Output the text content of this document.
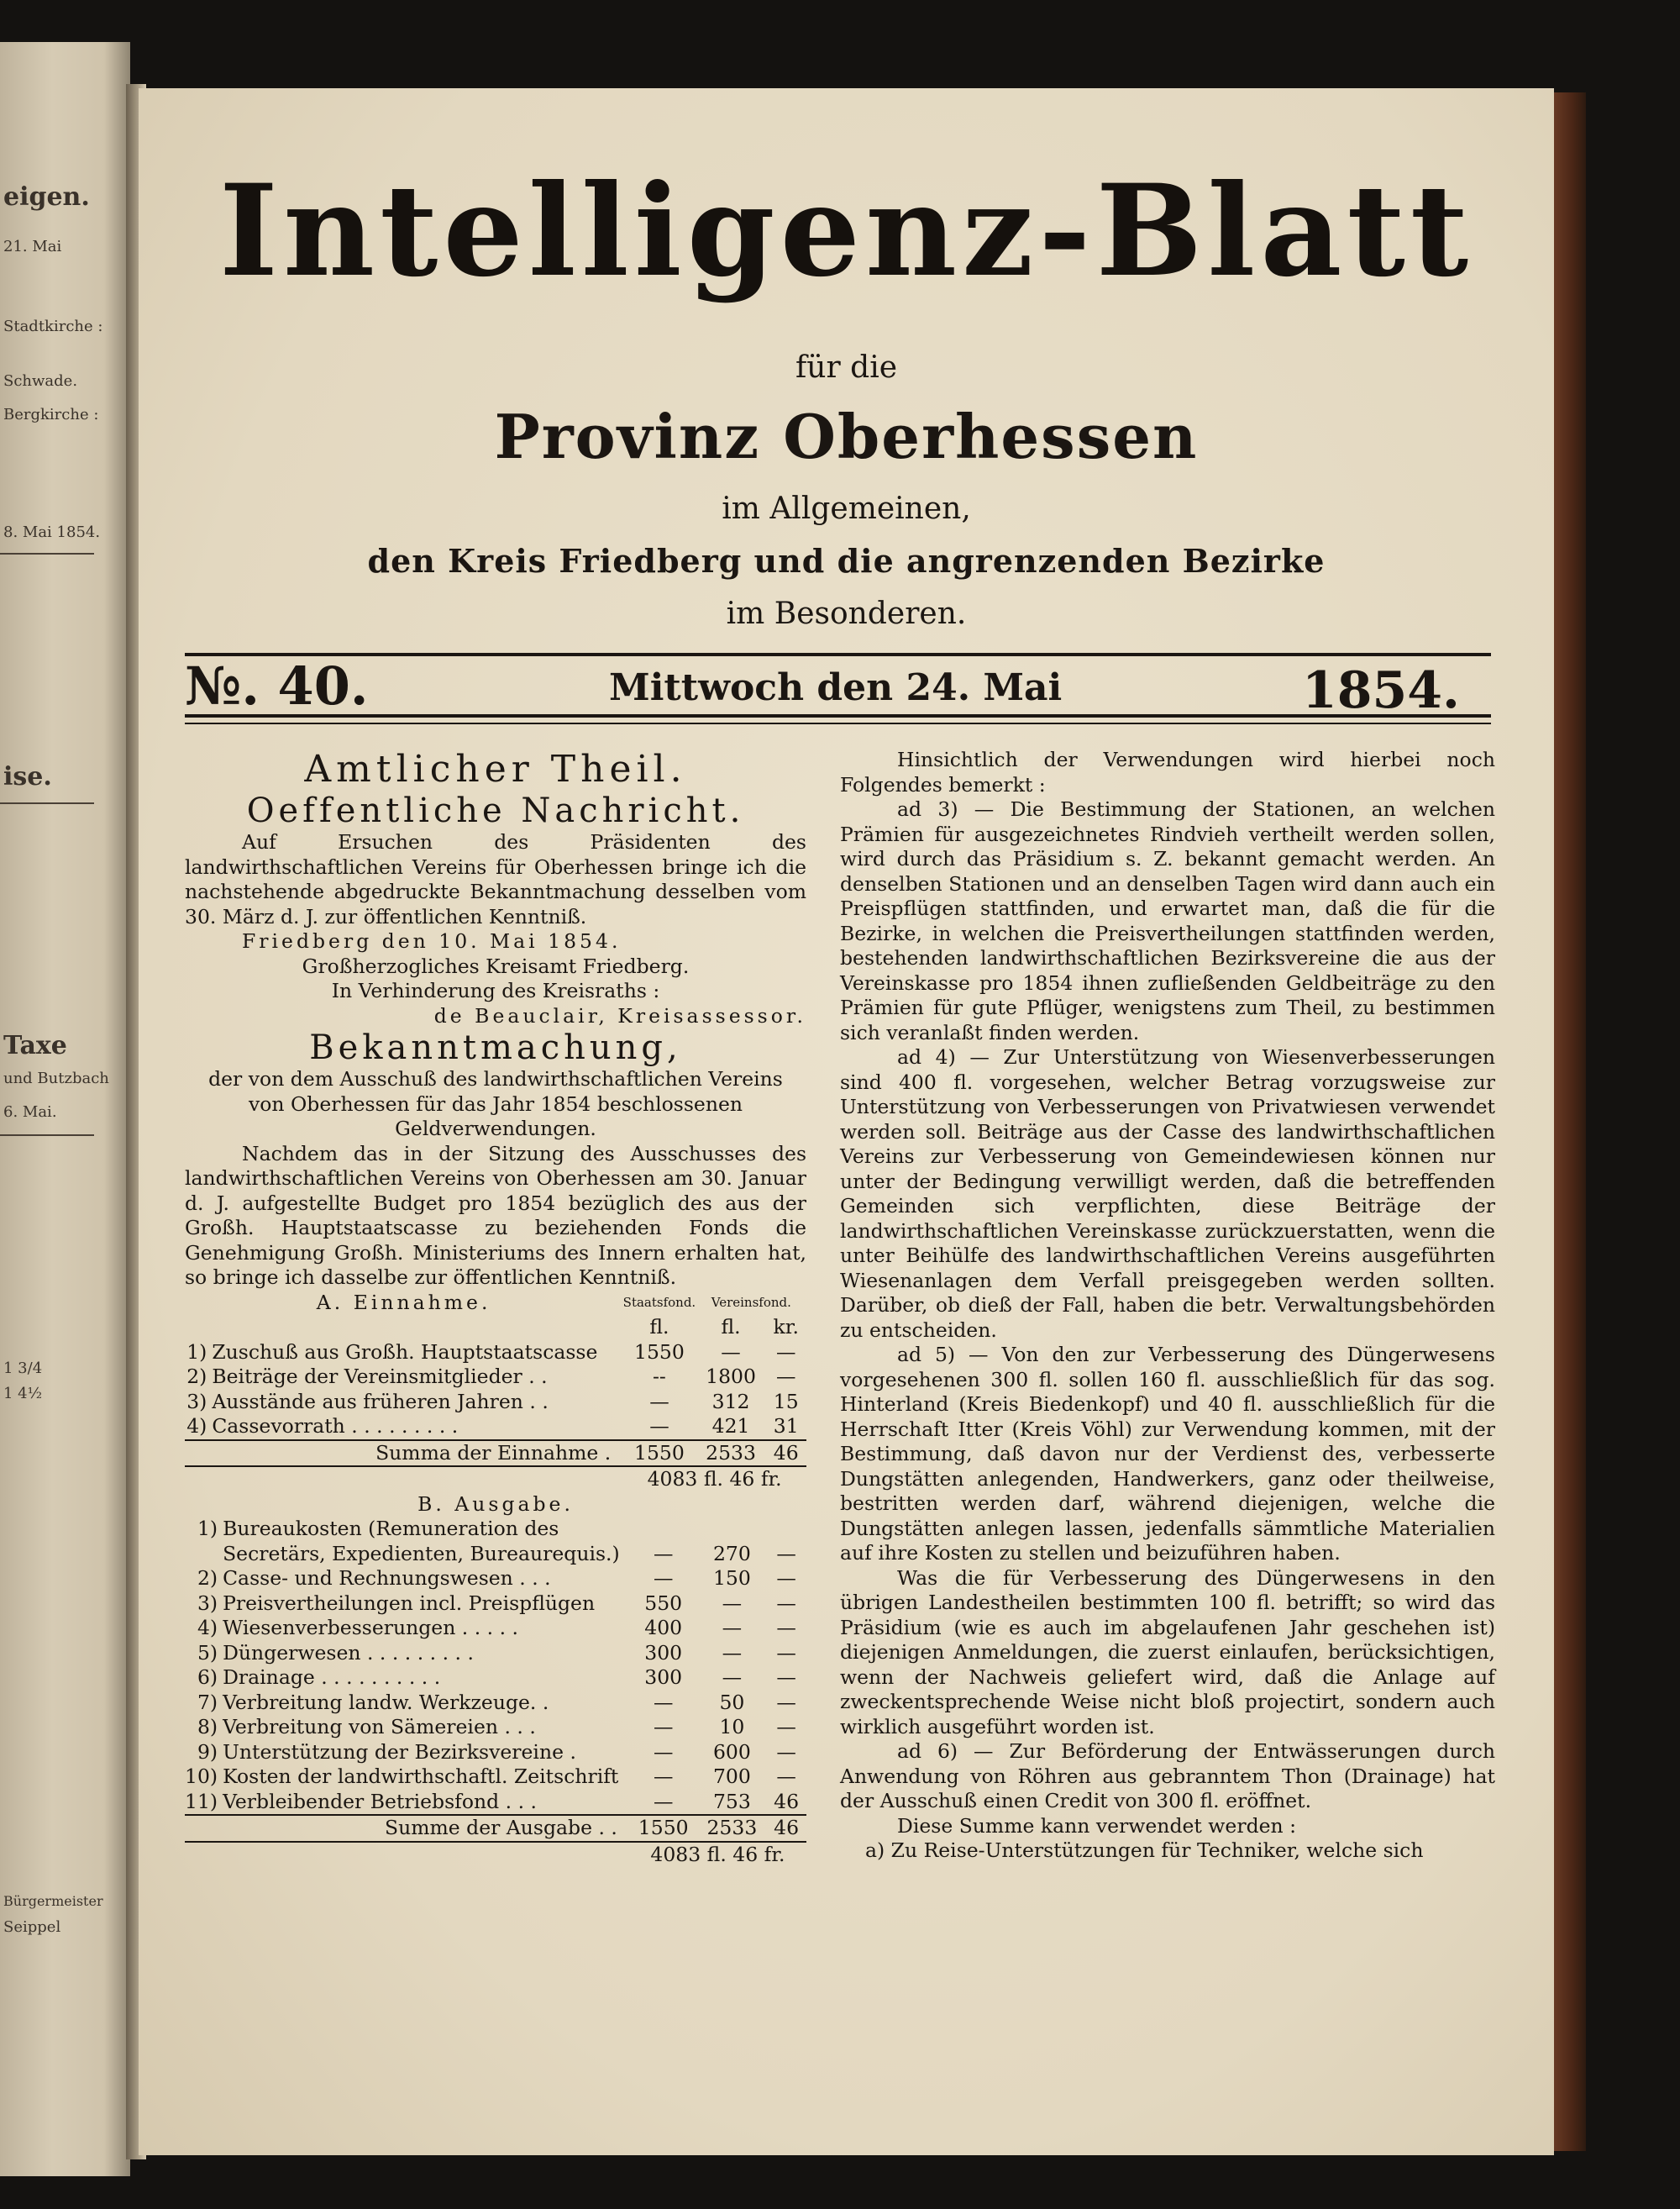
eigen.
21. Mai
Stadtkirche :
Schwade.
Bergkirche :
8. Mai 1854.
ise.
Taxe
und Butzbach
6. Mai.
1 4½
1 3/4
Bürgermeister
Seippel
Intelligenz-Blatt
für die
Provinz Oberhessen
im Allgemeinen,
den Kreis Friedberg und die angrenzenden Bezirke
im Besonderen.
№. 40.	Mittwoch den 24. Mai	1854.

Amtlicher Theil.

Oeffentliche Nachricht.

Auf Ersuchen des Präsidenten des landwirthschaftlichen Vereins für Oberhessen bringe ich die nachstehende abgedruckte Bekanntmachung desselben vom 30. März d. J. zur öffentlichen Kenntniß.

Friedberg den 10. Mai 1854.

Großherzogliches Kreisamt Friedberg.

In Verhinderung des Kreisraths :

de Beauclair, Kreisassessor.

Bekanntmachung,

der von dem Ausschuß des landwirthschaftlichen Vereins von Oberhessen für das Jahr 1854 beschlossenen Geldverwendungen.

Nachdem das in der Sitzung des Ausschusses des landwirthschaftlichen Vereins von Oberhessen am 30. Januar d. J. aufgestellte Budget pro 1854 bezüglich des aus der Großh. Hauptstaatscasse zu beziehenden Fonds die Genehmigung Großh. Ministeriums des Innern erhalten hat, so bringe ich dasselbe zur öffentlichen Kenntniß.

A. Einnahme.		Staatsfond.	Vereinsfond.	
		fl.	fl.	kr.
1)	Zuschuß aus Großh. Hauptstaatscasse	1550	—	—
2)	Beiträge der Vereinsmitglieder . .	--	1800	—
3)	Ausstände aus früheren Jahren . .	—	312	15
4)	Cassevorrath . . . . . . . . .	—	421	31
	Summa der Einnahme .	1550	2533	46
		4083 fl. 46 fr.		
B. Ausgabe.				
1)	Bureaukosten (Remuneration des Secretärs, Expedienten, Bureaurequis.)	—	270	—
2)	Casse- und Rechnungswesen . . .	—	150	—
3)	Preisvertheilungen incl. Preispflügen	550	—	—
4)	Wiesenverbesserungen . . . . .	400	—	—
5)	Düngerwesen . . . . . . . . .	300	—	—
6)	Drainage . . . . . . . . . .	300	—	—
7)	Verbreitung landw. Werkzeuge. .	—	50	—
8)	Verbreitung von Sämereien . . .	—	10	—
9)	Unterstützung der Bezirksvereine .	—	600	—
10)	Kosten der landwirthschaftl. Zeitschrift	—	700	—
11)	Verbleibender Betriebsfond . . .	—	753	46
	Summe der Ausgabe . .	1550	2533	46
		4083 fl. 46 fr.		

Hinsichtlich der Verwendungen wird hierbei noch Folgendes bemerkt :

ad 3) — Die Bestimmung der Stationen, an welchen Prämien für ausgezeichnetes Rindvieh vertheilt werden sollen, wird durch das Präsidium s. Z. bekannt gemacht werden. An denselben Stationen und an denselben Tagen wird dann auch ein Preispflügen stattfinden, und erwartet man, daß die für die Bezirke, in welchen die Preisvertheilungen stattfinden werden, bestehenden landwirthschaftlichen Bezirksvereine die aus der Vereinskasse pro 1854 ihnen zufließenden Geldbeiträge zu den Prämien für gute Pflüger, wenigstens zum Theil, zu bestimmen sich veranlaßt finden werden.

ad 4) — Zur Unterstützung von Wiesenverbesserungen sind 400 fl. vorgesehen, welcher Betrag vorzugsweise zur Unterstützung von Verbesserungen von Privatwiesen verwendet werden soll. Beiträge aus der Casse des landwirthschaftlichen Vereins zur Verbesserung von Gemeindewiesen können nur unter der Bedingung verwilligt werden, daß die betreffenden Gemeinden sich verpflichten, diese Beiträge der landwirthschaftlichen Vereinskasse zurückzuerstatten, wenn die unter Beihülfe des landwirthschaftlichen Vereins ausgeführten Wiesenanlagen dem Verfall preisgegeben werden sollten. Darüber, ob dieß der Fall, haben die betr. Verwaltungsbehörden zu entscheiden.

ad 5) — Von den zur Verbesserung des Düngerwesens vorgesehenen 300 fl. sollen 160 fl. ausschließlich für das sog. Hinterland (Kreis Biedenkopf) und 40 fl. ausschließlich für die Herrschaft Itter (Kreis Vöhl) zur Verwendung kommen, mit der Bestimmung, daß davon nur der Verdienst des, verbesserte Dungstätten anlegenden, Handwerkers, ganz oder theilweise, bestritten werden darf, während diejenigen, welche die Dungstätten anlegen lassen, jedenfalls sämmtliche Materialien auf ihre Kosten zu stellen und beizuführen haben.

Was die für Verbesserung des Düngerwesens in den übrigen Landestheilen bestimmten 100 fl. betrifft; so wird das Präsidium (wie es auch im abgelaufenen Jahr geschehen ist) diejenigen Anmeldungen, die zuerst einlaufen, berücksichtigen, wenn der Nachweis geliefert wird, daß die Anlage auf zweckentsprechende Weise nicht bloß projectirt, sondern auch wirklich ausgeführt worden ist.

ad 6) — Zur Beförderung der Entwässerungen durch Anwendung von Röhren aus gebranntem Thon (Drainage) hat der Ausschuß einen Credit von 300 fl. eröffnet.

Diese Summe kann verwendet werden :

a) Zu Reise-Unterstützungen für Techniker, welche sich
